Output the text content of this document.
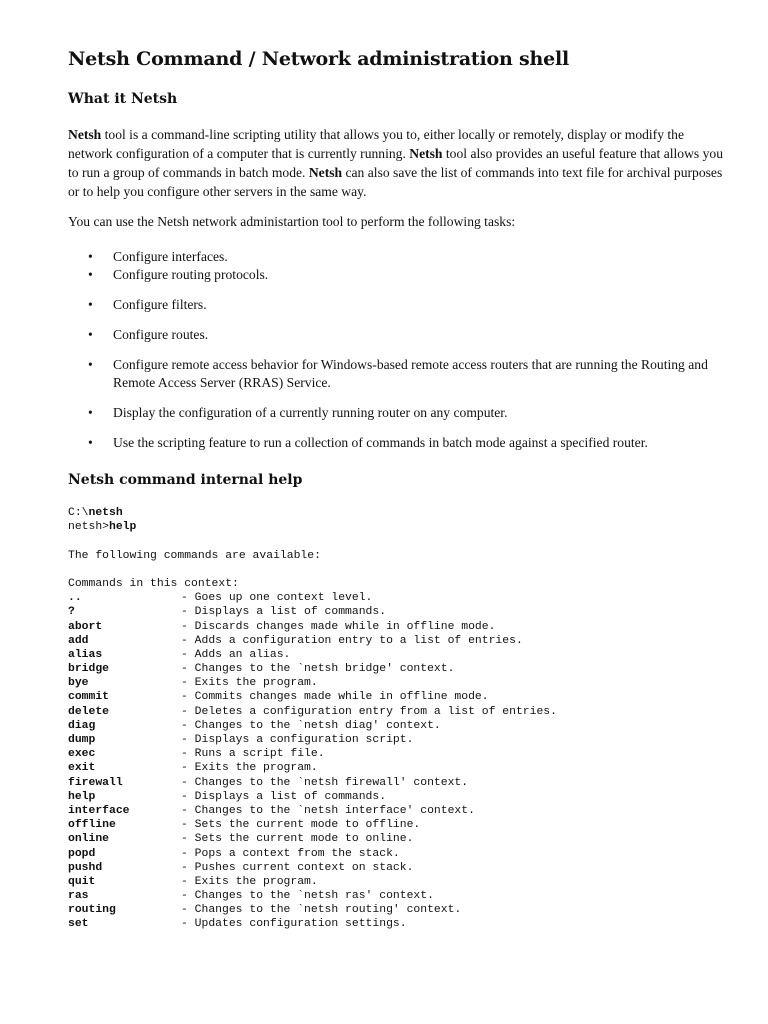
Netsh Command / Network administration shell
What it Netsh

Netsh tool is a command-line scripting utility that allows you to, either locally or remotely, display or modify the network configuration of a computer that is currently running. Netsh tool also provides an useful feature that allows you to run a group of commands in batch mode. Netsh can also save the list of commands into text file for archival purposes or to help you configure other servers in the same way.

You can use the Netsh network administartion tool to perform the following tasks:

• Configure interfaces.
• Configure routing protocols.
• Configure filters.
• Configure routes.
• Configure remote access behavior for Windows-based remote access routers that are running the Routing and Remote Access Server (RRAS) Service.
• Display the configuration of a currently running router on any computer.
• Use the scripting feature to run a collection of commands in batch mode against a specified router.
Netsh command internal help
C:\netsh
netsh>help

The following commands are available:

Commands in this context:
..	- Goes up one context level.
?	- Displays a list of commands.
abort	- Discards changes made while in offline mode.
add	- Adds a configuration entry to a list of entries.
alias	- Adds an alias.
bridge	- Changes to the `netsh bridge' context.
bye	- Exits the program.
commit	- Commits changes made while in offline mode.
delete	- Deletes a configuration entry from a list of entries.
diag	- Changes to the `netsh diag' context.
dump	- Displays a configuration script.
exec	- Runs a script file.
exit	- Exits the program.
firewall	- Changes to the `netsh firewall' context.
help	- Displays a list of commands.
interface	- Changes to the `netsh interface' context.
offline	- Sets the current mode to offline.
online	- Sets the current mode to online.
popd	- Pops a context from the stack.
pushd	- Pushes current context on stack.
quit	- Exits the program.
ras	- Changes to the `netsh ras' context.
routing	- Changes to the `netsh routing' context.
set	- Updates configuration settings.
